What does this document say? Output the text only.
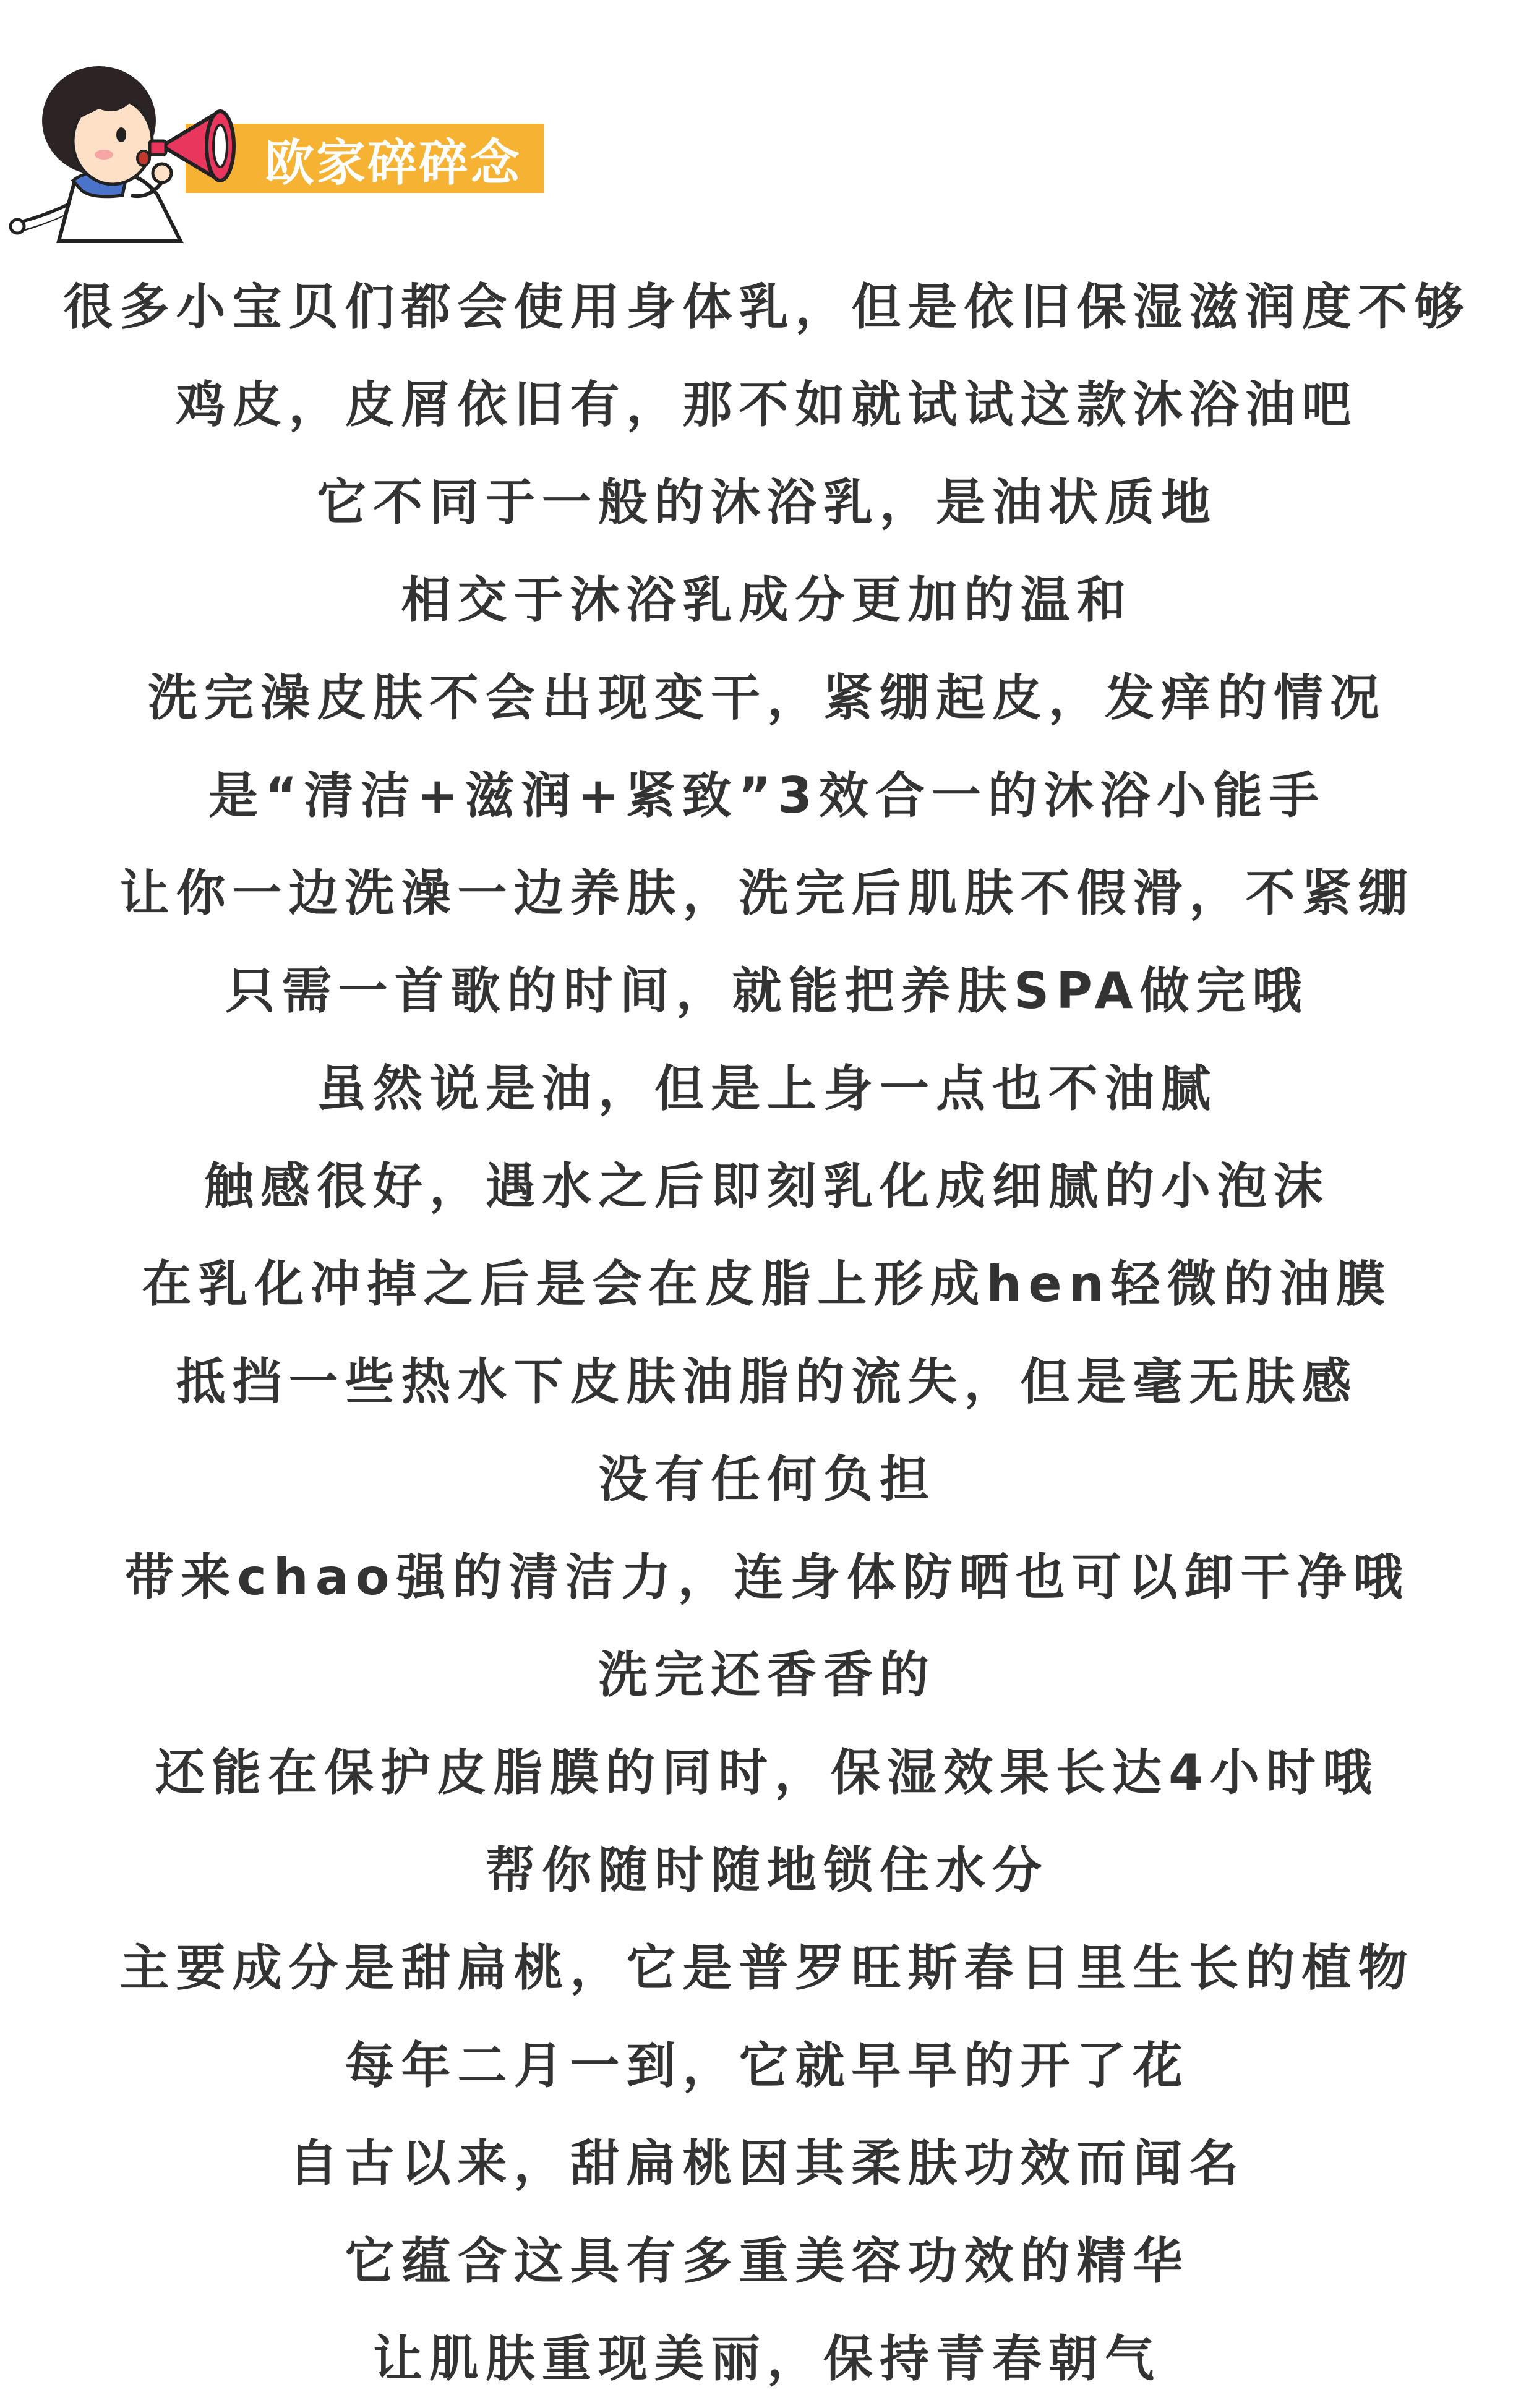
欧家碎碎念
很多小宝贝们都会使用身体乳，但是依旧保湿滋润度不够
鸡皮，皮屑依旧有，那不如就试试这款沐浴油吧
它不同于一般的沐浴乳，是油状质地
相交于沐浴乳成分更加的温和
洗完澡皮肤不会出现变干，紧绷起皮，发痒的情况
是“清洁+滋润+紧致”3效合一的沐浴小能手
让你一边洗澡一边养肤，洗完后肌肤不假滑，不紧绷
只需一首歌的时间，就能把养肤SPA做完哦
虽然说是油，但是上身一点也不油腻
触感很好，遇水之后即刻乳化成细腻的小泡沫
在乳化冲掉之后是会在皮脂上形成hen轻微的油膜
抵挡一些热水下皮肤油脂的流失，但是毫无肤感
没有任何负担
带来chao强的清洁力，连身体防晒也可以卸干净哦
洗完还香香的
还能在保护皮脂膜的同时，保湿效果长达4小时哦
帮你随时随地锁住水分
主要成分是甜扁桃，它是普罗旺斯春日里生长的植物
每年二月一到，它就早早的开了花
自古以来，甜扁桃因其柔肤功效而闻名
它蕴含这具有多重美容功效的精华
让肌肤重现美丽，保持青春朝气
